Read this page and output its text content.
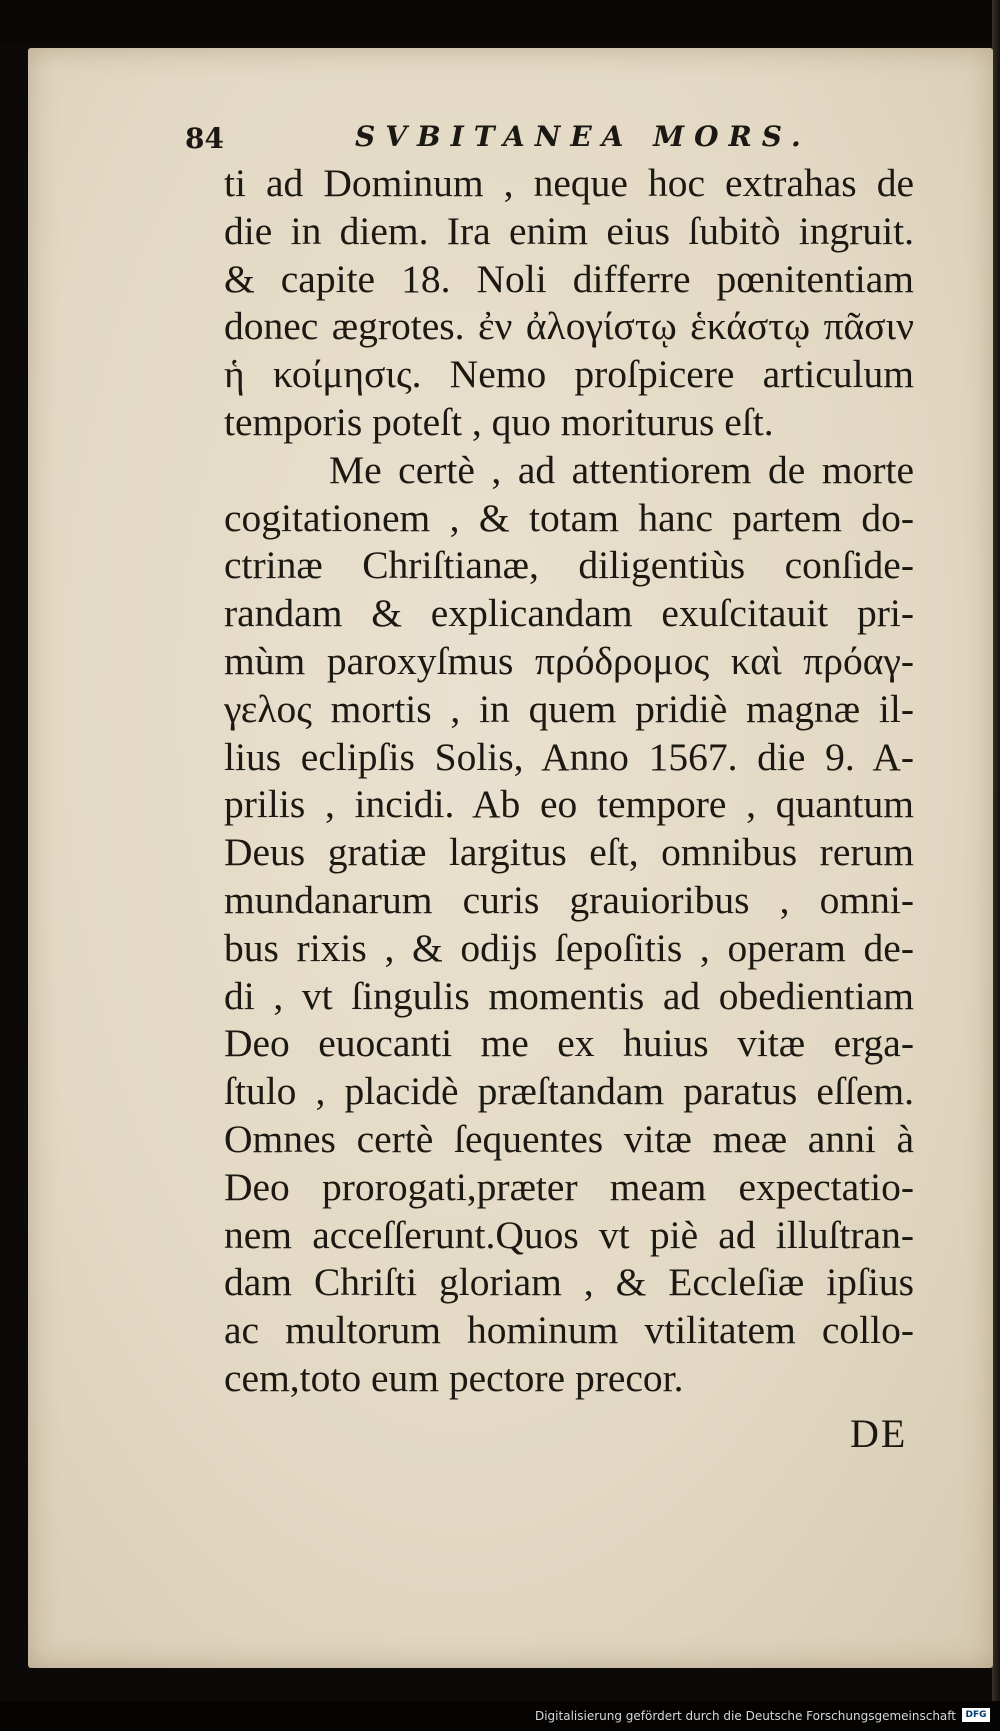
84	SVBITANEA MORS.
ti ad Dominum , neque hoc extrahas de
die in diem. Ira enim eius ſubitò ingruit.
& capite 18. Noli differre pœnitentiam
donec ægrotes. ἐν ἀλογίστῳ ἑκάστῳ πᾶσιν
ἡ κοίμησις. Nemo proſpicere articulum
temporis poteſt , quo moriturus eſt.
Me certè , ad attentiorem de morte
cogitationem , & totam hanc partem do-
ctrinæ Chriſtianæ, diligentiùs conſide-
randam & explicandam exuſcitauit pri-
mùm paroxyſmus πρόδρομος καὶ πρόαγ-
γελος mortis , in quem pridiè magnæ il-
lius eclipſis Solis, Anno 1567. die 9. A-
prilis , incidi. Ab eo tempore , quantum
Deus gratiæ largitus eſt, omnibus rerum
mundanarum curis grauioribus , omni-
bus rixis , & odijs ſepoſitis , operam de-
di , vt ſingulis momentis ad obedientiam
Deo euocanti me ex huius vitæ erga-
ſtulo , placidè præſtandam paratus eſſem.
Omnes certè ſequentes vitæ meæ anni à
Deo prorogati,præter meam expectatio-
nem acceſſerunt.Quos vt piè ad illuſtran-
dam Chriſti gloriam , & Eccleſiæ ipſius
ac multorum hominum vtilitatem collo-
cem,toto eum pectore precor.
DE
Digitalisierung gefördert durch die Deutsche Forschungsgemeinschaft	DFG
